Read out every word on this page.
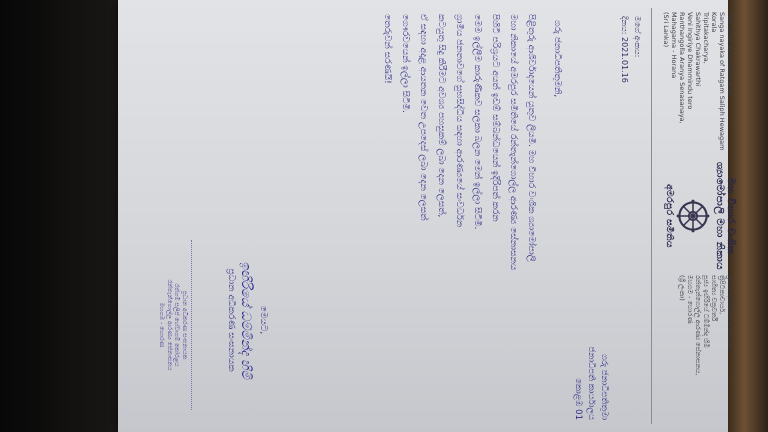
The Chief Incumbent and
Sanga nayaka of Ratgam Saliph Hewagam Korala
Tripitakacharya,
Sahithya Chakrawarthi
Veni Ingiriye Dhammindu tero
Ranthangolla Aranya Senasanaya,
Mahagama - Horana
(Sri Lanka)
මහ විහාර වංශික ශ්‍යාමෝපාලි මහා නිකාය
අමරපුර සමිතිය
ප්‍රධාන අධිකරණ සංඝනායක
ත්‍රිපිටකාචාර්ය,
සාහිත්‍ය චක්‍රවර්ති
පූජ්‍ය ඉඟිරියේ ධම්මින්ද හිමි
රන්තැන්ගොල්ල ආරණ්‍ය සේනාසනය,
මහගම - හොරණ
(ශ්‍රී ලංකා)
මගේ අංකය:
දිනය: 2021.01.16
ගරු ජනාධිපතිතුමා
ජනාධිපති කාර්යාලය
කොළඹ 01
ගරු ජනාධිපතිතුමනි,
පිළිතුරු ආශිර්වාදයෙන් යුතුව ලියමි. මහ විහාර වංශික ශ්‍යාමෝපාලි
මහා නිකායේ අමරපුර සමිතියේ රන්තැන්ගොල්ල ආරණ්‍ය සේනාසනය
පිහිටි පරිශ්‍රයට අයත් ඉඩම් සම්බන්ධයෙන් ඉදිරිපත් කරන
මෙම ඉල්ලීම කාරුණිකව සලකා බලන මෙන් ඉල්ලා සිටිමි.
ග්‍රාමීය ජනතාවගේ සුභසිද්ධිය සඳහා ආරණ්‍යයේ සංවර්ධන
කටයුතු සිදු කිරීමට අවශ්‍ය පහසුකම් ලබා දෙන ලෙසත්,
ඒ සඳහා අදාළ ආයතන වෙත උපදෙස් ලබා දෙන ලෙසත්
ගෞරවයෙන් ඉල්ලා සිටිමි.
තෙරුවන් සරණයි!
මෙයට,
ඉඟිරියේ ධම්මින්ද හිමි
ප්‍රධාන අධිකරණ සංඝනායක
ප්‍රධාන අධිකරණ සංඝනායක
රත්ගම් සලිප් හේවාගම් කෝරළය
රන්තැන්ගොල්ල ආරණ්‍ය සේනාසනය
මහගම - හොරණ
